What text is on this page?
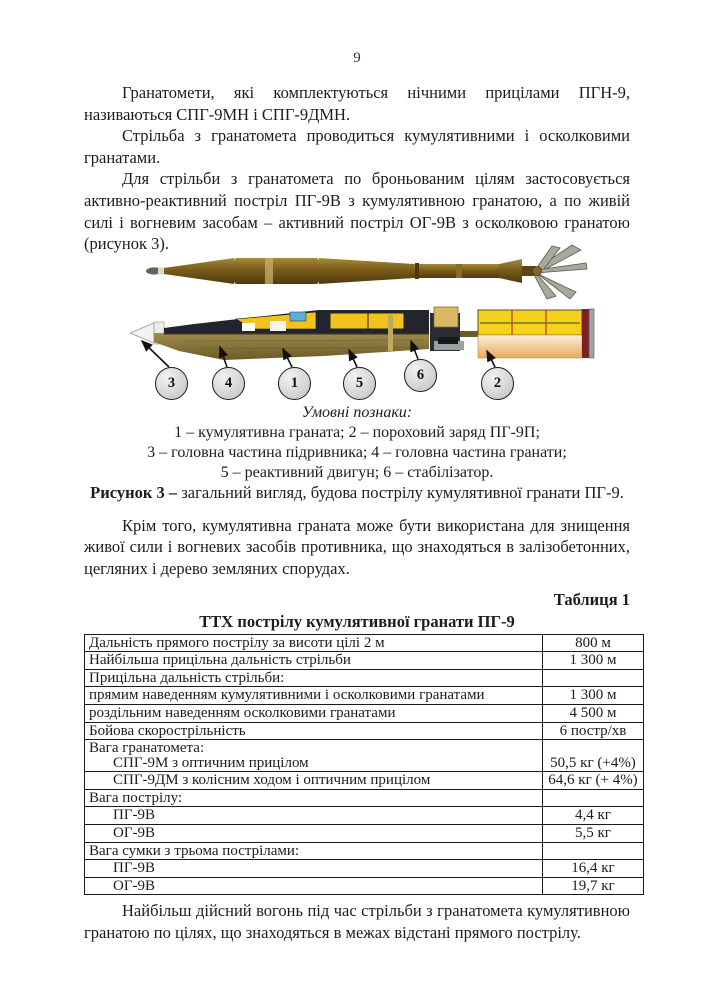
9

Гранатомети, які комплектуються нічними прицілами ПГН-9, називаються СПГ-9МН і СПГ-9ДМН.

Стрільба з гранатомета проводиться кумулятивними і осколковими гранатами.

Для стрільби з гранатомета по броньованим цілям застосовується активно-реактивний постріл ПГ-9В з кумулятивною гранатою, а по живій силі і вогневим засобам – активний постріл ОГ-9В з осколковою гранатою (рисунок 3).

3	4	1	5	6	2
Умовні познаки:
1 – кумулятивна граната; 2 – пороховий заряд ПГ-9П;
3 – головна частина підривника; 4 – головна частина гранати;
5 – реактивний двигун; 6 – стабілізатор.
Рисунок 3 – загальний вигляд, будова пострілу кумулятивної гранати ПГ-9.

Крім того, кумулятивна граната може бути використана для знищення живої сили і вогневих засобів противника, що знаходяться в залізобетонних, цегляних і дерево земляних спорудах.

Таблиця 1
ТТХ пострілу кумулятивної гранати ПГ-9
Дальність прямого пострілу за висоти цілі 2 м	800 м
Найбільша прицільна дальність стрільби	1 300 м
Прицільна дальність стрільби:	
прямим наведенням кумулятивними і осколковими гранатами	1 300 м
роздільним наведенням осколковими гранатами	4 500 м
Бойова скорострільність	6 постр/хв

Вага гранатомета:
СПГ-9М з оптичним прицілом	50,5 кг (+4%)
СПГ-9ДМ з колісним ходом і оптичним прицілом	64,6 кг (+ 4%)
Вага пострілу:	
ПГ-9В	4,4 кг
ОГ-9В	5,5 кг
Вага сумки з трьома пострілами:	
ПГ-9В	16,4 кг
ОГ-9В	19,7 кг

Найбільш дійсний вогонь під час стрільби з гранатомета кумулятивною гранатою по цілях, що знаходяться в межах відстані прямого пострілу.
